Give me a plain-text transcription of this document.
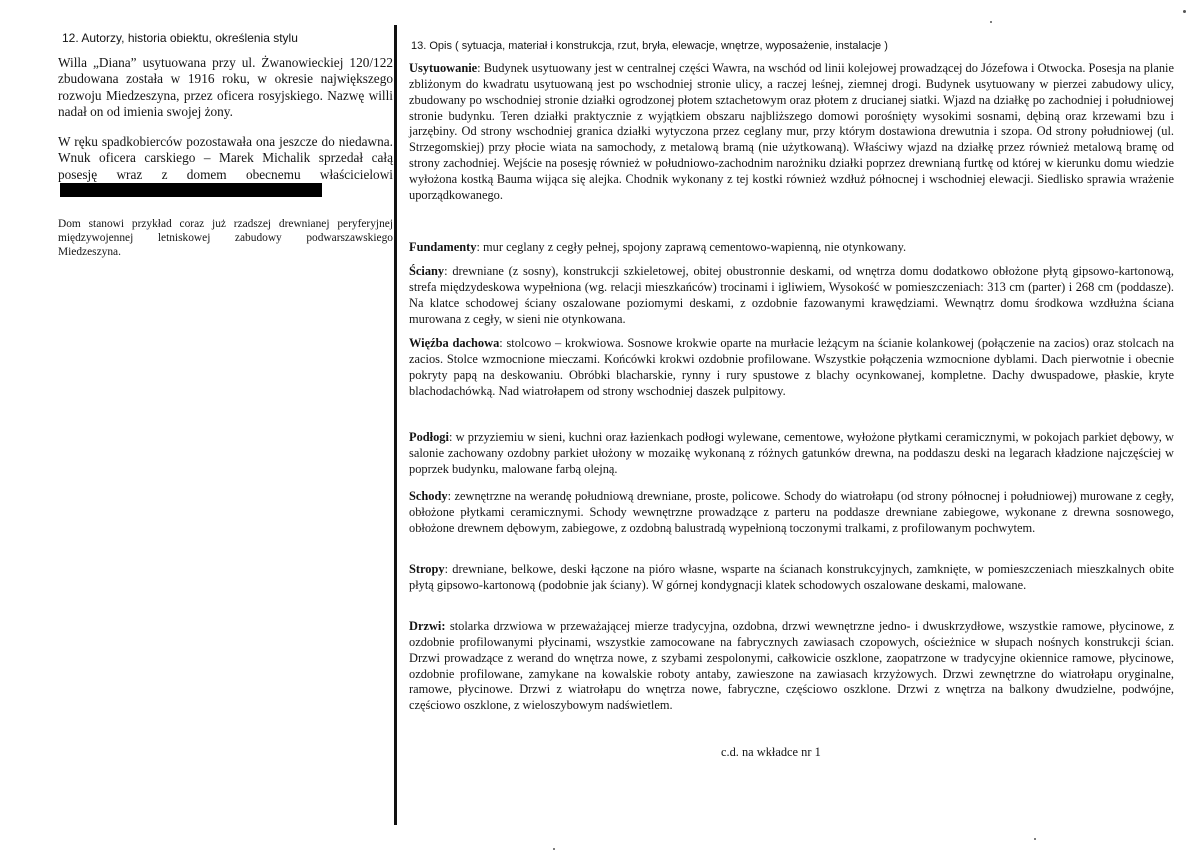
12. Autorzy, historia obiektu, określenia stylu

Willa „Diana” usytuowana przy ul. Żwanowieckiej 120/122 zbudowana została w 1916 roku, w okresie największego rozwoju Miedzeszyna, przez oficera rosyjskiego. Nazwę willi nadał on od imienia swojej żony.

W ręku spadkobierców pozostawała ona jeszcze do niedawna. Wnuk oficera carskiego – Marek Michalik sprzedał całą posesję wraz z domem obecnemu właścicielowi

Dom stanowi przykład coraz już rzadszej drewnianej peryferyjnej międzywojennej letniskowej zabudowy podwarszawskiego Miedzeszyna.

13. Opis ( sytuacja, materiał i konstrukcja, rzut, bryła, elewacje, wnętrze, wyposażenie, instalacje )

Usytuowanie: Budynek usytuowany jest w centralnej części Wawra, na wschód od linii kolejowej prowadzącej do Józefowa i Otwocka. Posesja na planie zbliżonym do kwadratu usytuowaną jest po wschodniej stronie ulicy, a raczej leśnej, ziemnej drogi. Budynek usytuowany w pierzei zabudowy ulicy, zbudowany po wschodniej stronie działki ogrodzonej płotem sztachetowym oraz płotem z drucianej siatki. Wjazd na działkę po zachodniej i południowej stronie budynku. Teren działki praktycznie z wyjątkiem obszaru najbliższego domowi porośnięty wysokimi sosnami, dębiną oraz krzewami bzu i jarzębiny. Od strony wschodniej granica działki wytyczona przez ceglany mur, przy którym dostawiona drewutnia i szopa. Od strony południowej (ul. Strzegomskiej) przy płocie wiata na samochody, z metalową bramą (nie użytkowaną). Właściwy wjazd na działkę przez również metalową bramę od strony zachodniej. Wejście na posesję również w południowo-zachodnim narożniku działki poprzez drewnianą furtkę od której w kierunku domu wiedzie wyłożona kostką Bauma wijąca się alejka. Chodnik wykonany z tej kostki również wzdłuż północnej i wschodniej elewacji. Siedlisko sprawia wrażenie uporządkowanego.

Fundamenty: mur ceglany z cegły pełnej, spojony zaprawą cementowo-wapienną, nie otynkowany.

Ściany: drewniane (z sosny), konstrukcji szkieletowej, obitej obustronnie deskami, od wnętrza domu dodatkowo obłożone płytą gipsowo-kartonową, strefa międzydeskowa wypełniona (wg. relacji mieszkańców) trocinami i igliwiem, Wysokość w pomieszczeniach: 313 cm (parter) i 268 cm (poddasze). Na klatce schodowej ściany oszalowane poziomymi deskami, z ozdobnie fazowanymi krawędziami. Wewnątrz domu środkowa wzdłużna ściana murowana z cegły, w sieni nie otynkowana.

Więźba dachowa: stolcowo – krokwiowa. Sosnowe krokwie oparte na murłacie leżącym na ścianie kolankowej (połączenie na zacios) oraz stolcach na zacios. Stolce wzmocnione mieczami. Końcówki krokwi ozdobnie profilowane. Wszystkie połączenia wzmocnione dyblami. Dach pierwotnie i obecnie pokryty papą na deskowaniu. Obróbki blacharskie, rynny i rury spustowe z blachy ocynkowanej, kompletne. Dachy dwuspadowe, płaskie, kryte blachodachówką. Nad wiatrołapem od strony wschodniej daszek pulpitowy.

Podłogi: w przyziemiu w sieni, kuchni oraz łazienkach podłogi wylewane, cementowe, wyłożone płytkami ceramicznymi, w pokojach parkiet dębowy, w salonie zachowany ozdobny parkiet ułożony w mozaikę wykonaną z różnych gatunków drewna, na poddaszu deski na legarach kładzione najczęściej w poprzek budynku, malowane farbą olejną.

Schody: zewnętrzne na werandę południową drewniane, proste, policowe. Schody do wiatrołapu (od strony północnej i południowej) murowane z cegły, obłożone płytkami ceramicznymi. Schody wewnętrzne prowadzące z parteru na poddasze drewniane zabiegowe, wykonane z drewna sosnowego, obłożone drewnem dębowym, zabiegowe, z ozdobną balustradą wypełnioną toczonymi tralkami, z profilowanym pochwytem.

Stropy: drewniane, belkowe, deski łączone na pióro własne, wsparte na ścianach konstrukcyjnych, zamknięte, w pomieszczeniach mieszkalnych obite płytą gipsowo-kartonową (podobnie jak ściany). W górnej kondygnacji klatek schodowych oszalowane deskami, malowane.

Drzwi: stolarka drzwiowa w przeważającej mierze tradycyjna, ozdobna, drzwi wewnętrzne jedno- i dwuskrzydłowe, wszystkie ramowe, płycinowe, z ozdobnie profilowanymi płycinami, wszystkie zamocowane na fabrycznych zawiasach czopowych, ościeżnice w słupach nośnych konstrukcji ścian. Drzwi prowadzące z werand do wnętrza nowe, z szybami zespolonymi, całkowicie oszklone, zaopatrzone w tradycyjne okiennice ramowe, płycinowe, ozdobnie profilowane, zamykane na kowalskie roboty antaby, zawieszone na zawiasach krzyżowych. Drzwi zewnętrzne do wiatrołapu oryginalne, ramowe, płycinowe. Drzwi z wiatrołapu do wnętrza nowe, fabryczne, częściowo oszklone. Drzwi z wnętrza na balkony dwudzielne, podwójne, częściowo oszklone, z wieloszybowym nadświetlem.

c.d. na wkładce nr 1
